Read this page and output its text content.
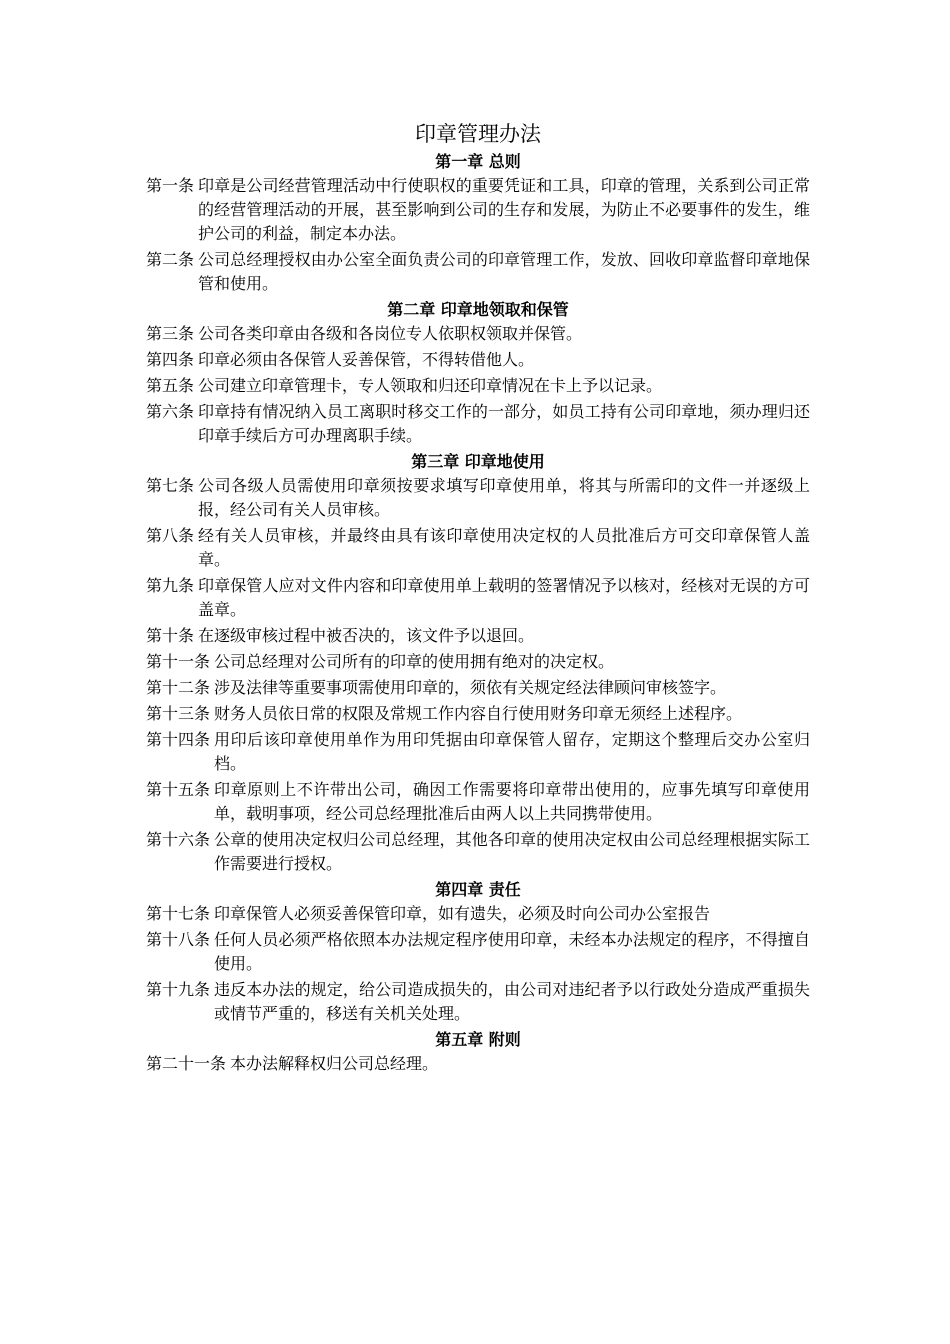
印章管理办法
第一章 总则
第一条 印章是公司经营管理活动中行使职权的重要凭证和工具，印章的管理，关系到公司正常的经营管理活动的开展，甚至影响到公司的生存和发展，为防止不必要事件的发生，维护公司的利益，制定本办法。
第二条 公司总经理授权由办公室全面负责公司的印章管理工作，发放、回收印章监督印章地保管和使用。
第二章 印章地领取和保管
第三条 公司各类印章由各级和各岗位专人依职权领取并保管。
第四条 印章必须由各保管人妥善保管，不得转借他人。
第五条 公司建立印章管理卡，专人领取和归还印章情况在卡上予以记录。
第六条 印章持有情况纳入员工离职时移交工作的一部分，如员工持有公司印章地，须办理归还印章手续后方可办理离职手续。
第三章 印章地使用
第七条 公司各级人员需使用印章须按要求填写印章使用单，将其与所需印的文件一并逐级上报，经公司有关人员审核。
第八条 经有关人员审核，并最终由具有该印章使用决定权的人员批准后方可交印章保管人盖章。
第九条 印章保管人应对文件内容和印章使用单上载明的签署情况予以核对，经核对无误的方可盖章。
第十条 在逐级审核过程中被否决的，该文件予以退回。
第十一条 公司总经理对公司所有的印章的使用拥有绝对的决定权。
第十二条 涉及法律等重要事项需使用印章的，须依有关规定经法律顾问审核签字。
第十三条 财务人员依日常的权限及常规工作内容自行使用财务印章无须经上述程序。
第十四条 用印后该印章使用单作为用印凭据由印章保管人留存，定期这个整理后交办公室归档。
第十五条 印章原则上不许带出公司，确因工作需要将印章带出使用的，应事先填写印章使用单，载明事项，经公司总经理批准后由两人以上共同携带使用。
第十六条 公章的使用决定权归公司总经理，其他各印章的使用决定权由公司总经理根据实际工作需要进行授权。
第四章 责任
第十七条 印章保管人必须妥善保管印章，如有遗失，必须及时向公司办公室报告
第十八条 任何人员必须严格依照本办法规定程序使用印章，未经本办法规定的程序，不得擅自使用。
第十九条 违反本办法的规定，给公司造成损失的，由公司对违纪者予以行政处分造成严重损失或情节严重的，移送有关机关处理。
第五章 附则
第二十一条 本办法解释权归公司总经理。
